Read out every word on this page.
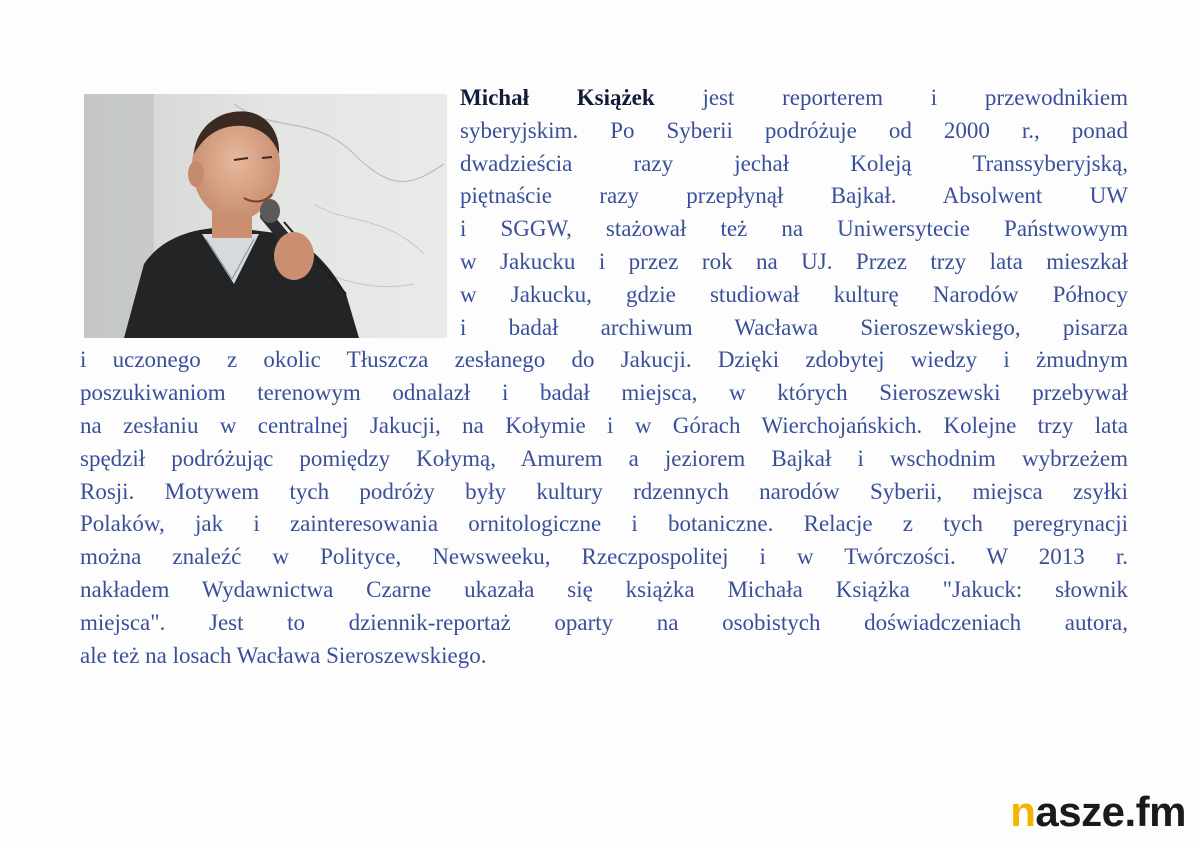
Michał Książek jest reporterem i przewodnikiem
syberyjskim. Po Syberii podróżuje od 2000 r., ponad
dwadzieścia razy jechał Koleją Transsyberyjską,
piętnaście razy przepłynął Bajkał. Absolwent UW
i SGGW, stażował też na Uniwersytecie Państwowym
w Jakucku i przez rok na UJ. Przez trzy lata mieszkał
w Jakucku, gdzie studiował kulturę Narodów Północy
i badał archiwum Wacława Sieroszewskiego, pisarza
i uczonego z okolic Tłuszcza zesłanego do Jakucji. Dzięki zdobytej wiedzy i żmudnym
poszukiwaniom terenowym odnalazł i badał miejsca, w których Sieroszewski przebywał
na zesłaniu w centralnej Jakucji, na Kołymie i w Górach Wierchojańskich. Kolejne trzy lata
spędził podróżując pomiędzy Kołymą, Amurem a jeziorem Bajkał i wschodnim wybrzeżem
Rosji. Motywem tych podróży były kultury rdzennych narodów Syberii, miejsca zsyłki
Polaków, jak i zainteresowania ornitologiczne i botaniczne. Relacje z tych peregrynacji
można znaleźć w Polityce, Newsweeku, Rzeczpospolitej i w Twórczości. W 2013 r.
nakładem Wydawnictwa Czarne ukazała się książka Michała Książka "Jakuck: słownik
miejsca". Jest to dziennik-reportaż oparty na osobistych doświadczeniach autora,
ale też na losach Wacława Sieroszewskiego.
n asze.fm
